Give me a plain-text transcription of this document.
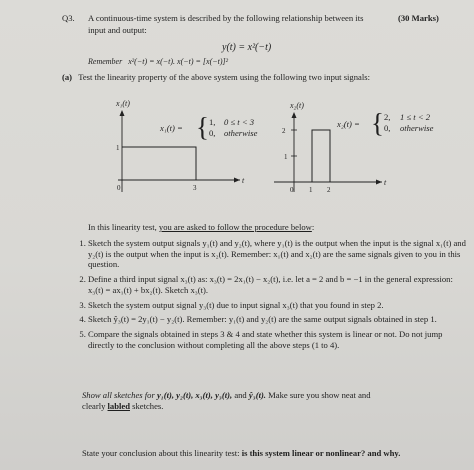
Q3. A continuous-time system is described by the following relationship between its	(30 Marks)
input and output:
y(t) = x²(−t)
Remember x²(−t) = x(−t). x(−t) = [x(−t)]²
(a) Test the linearity property of the above system using the following two input signals:
x₁(t)
1
0	3
t
x₁(t) = { 1, 0 ≤ t < 3
0, otherwise
x₂(t)
2
1
0 1 2
t
x₂(t) = { 2, 1 ≤ t < 2
0, otherwise
In this linearity test, you are asked to follow the procedure below:
1. Sketch the system output signals y₁(t) and y₂(t), where y₁(t) is the output when the input is the signal x₁(t) and y₂(t) is the output when the input is x₂(t). Remember: x₁(t) and x₂(t) are the same signals given to you in this question.
2. Define a third input signal x₃(t) as: x₃(t) = 2x₁(t) − x₂(t), i.e. let a = 2 and b = −1 in the general expression: x₃(t) = ax₁(t) + bx₂(t). Sketch x₃(t).
3. Sketch the system output signal y₃(t) due to input signal x₃(t) that you found in step 2.
4. Sketch ŷ₃(t) = 2y₁(t) − y₂(t). Remember: y₁(t) and y₂(t) are the same output signals obtained in step 1.
5. Compare the signals obtained in steps 3 & 4 and state whether this system is linear or not. Do not jump directly to the conclusion without completing all the above steps (1 to 4).
Show all sketches for y₁(t), y₂(t), x₃(t), y₃(t), and ŷ₃(t). Make sure you show neat and
clearly labled sketches.
State your conclusion about this linearity test: is this system linear or nonlinear? and why.
